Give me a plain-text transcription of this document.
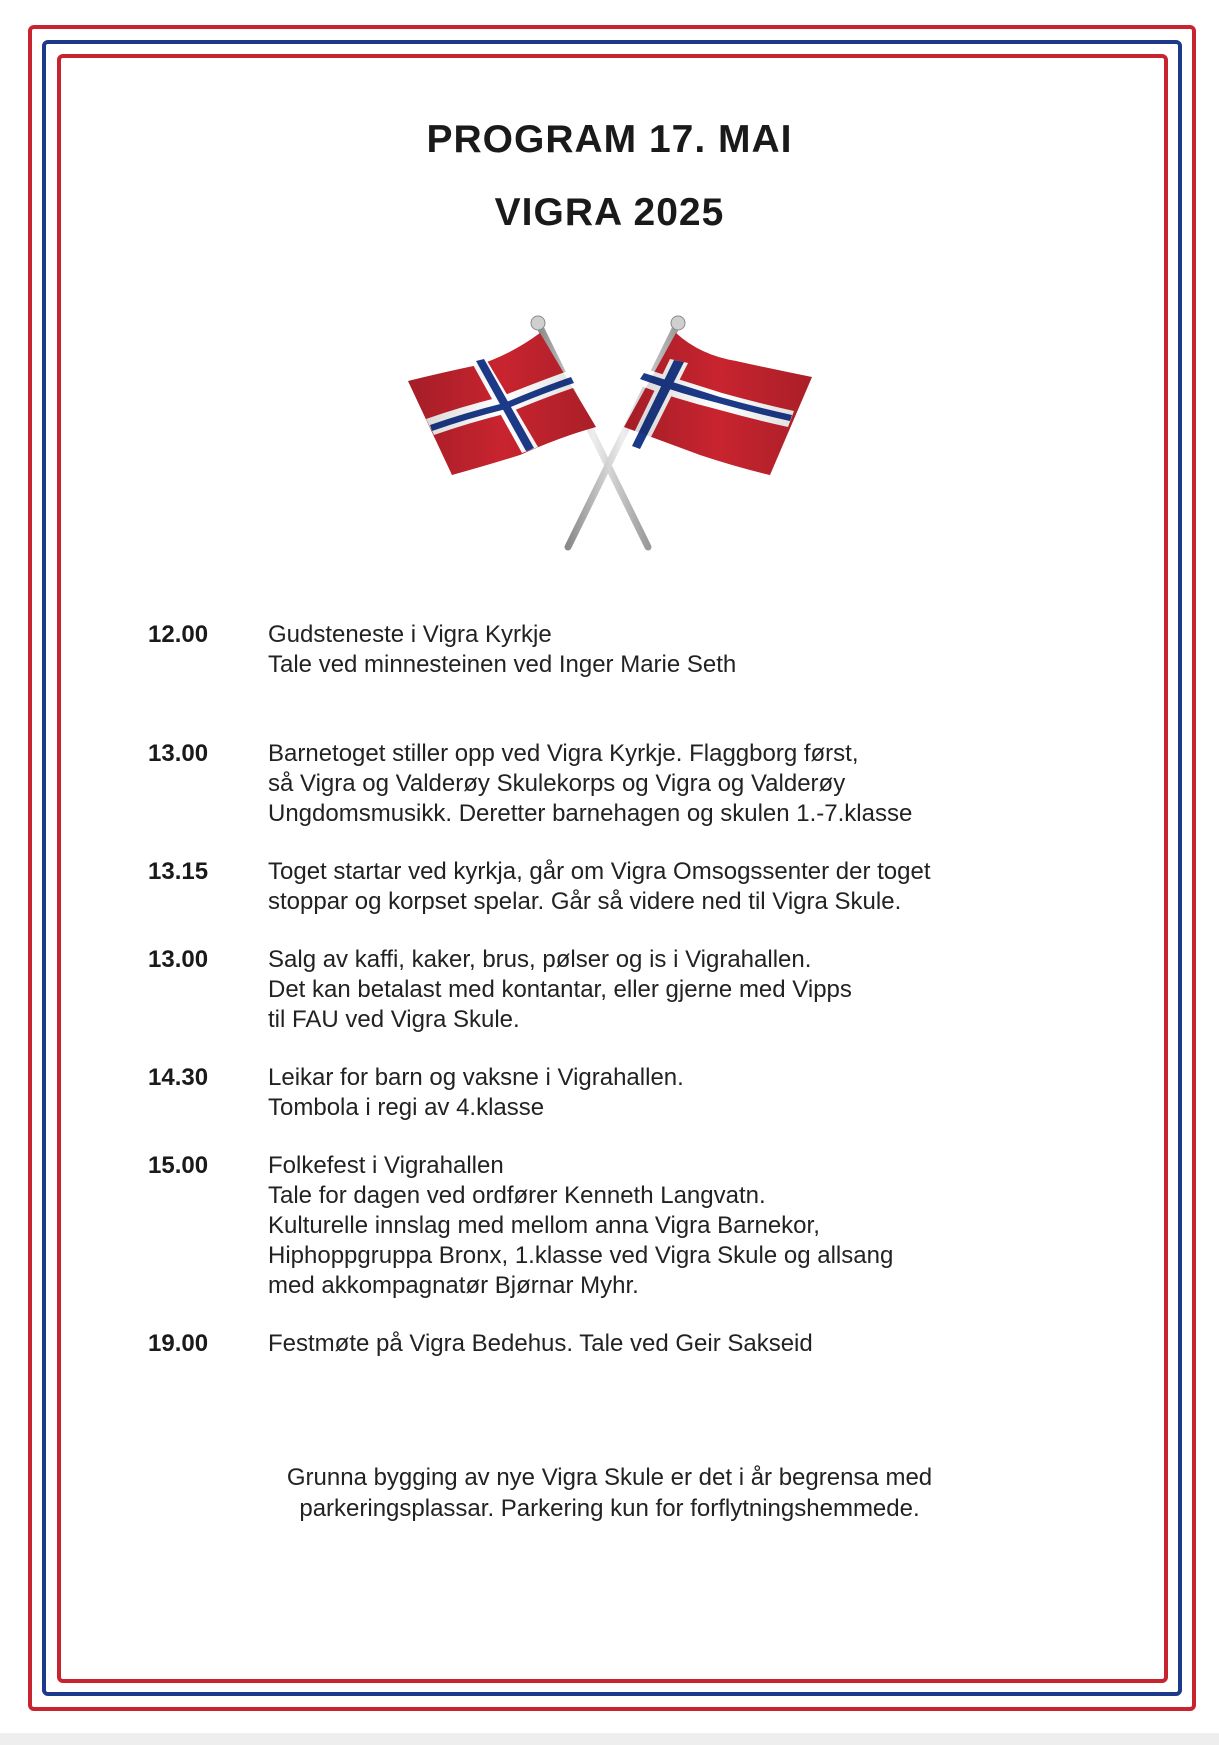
PROGRAM 17. MAI
VIGRA 2025
12.00	Gudsteneste i Vigra Kyrkje
Tale ved minnesteinen ved Inger Marie Seth
13.00	Barnetoget stiller opp ved Vigra Kyrkje. Flaggborg først,
så Vigra og Valderøy Skulekorps og Vigra og Valderøy
Ungdomsmusikk. Deretter barnehagen og skulen 1.-7.klasse
13.15	Toget startar ved kyrkja, går om Vigra Omsogssenter der toget
stoppar og korpset spelar. Går så videre ned til Vigra Skule.
13.00	Salg av kaffi, kaker, brus, pølser og is i Vigrahallen.
Det kan betalast med kontantar, eller gjerne med Vipps
til FAU ved Vigra Skule.
14.30	Leikar for barn og vaksne i Vigrahallen.
Tombola i regi av 4.klasse
15.00	Folkefest i Vigrahallen
Tale for dagen ved ordfører Kenneth Langvatn.
Kulturelle innslag med mellom anna Vigra Barnekor,
Hiphoppgruppa Bronx, 1.klasse ved Vigra Skule og allsang
med akkompagnatør Bjørnar Myhr.
19.00	Festmøte på Vigra Bedehus. Tale ved Geir Sakseid
Grunna bygging av nye Vigra Skule er det i år begrensa med
parkeringsplassar. Parkering kun for forflytningshemmede.
